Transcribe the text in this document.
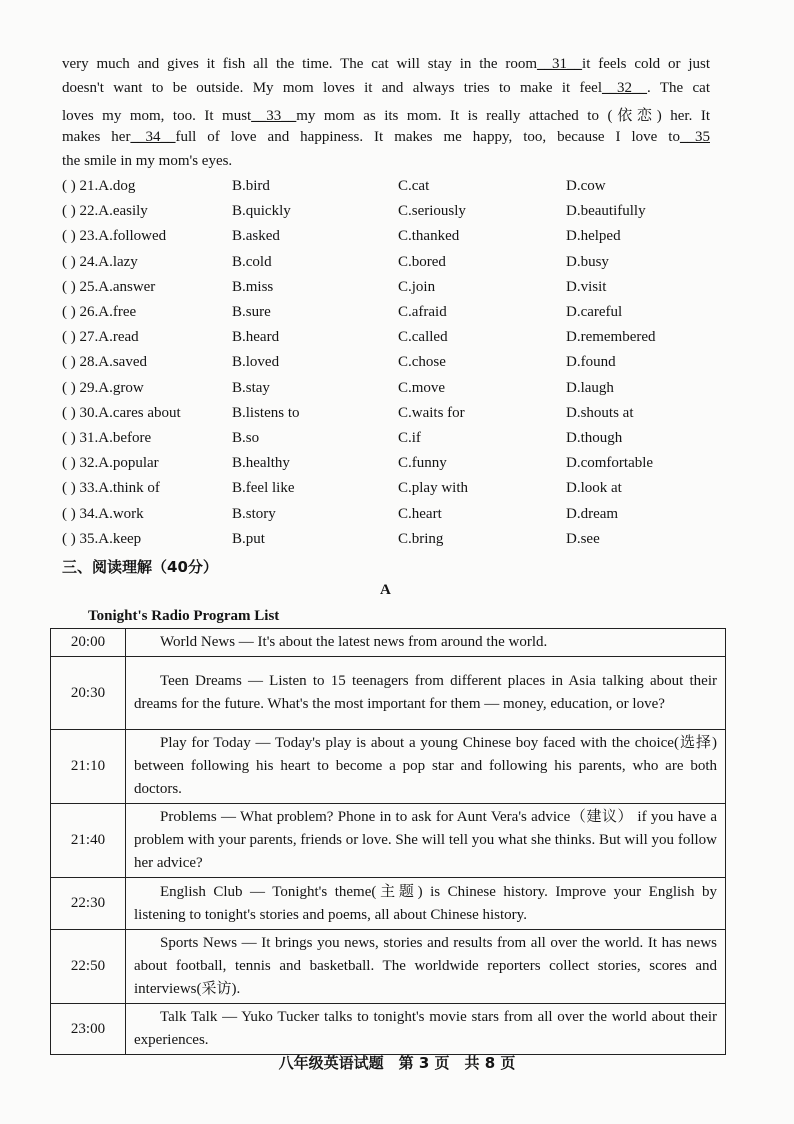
very much and gives it fish all the time. The cat will stay in the room__31__it feels cold or just
doesn't want to be outside. My mom loves it and always tries to make it feel__32__. The cat
loves my mom, too. It must__33__my mom as its mom. It is really attached to (依恋) her. It
makes her__34__full of love and happiness. It makes me happy, too, because I love to__35
the smile in my mom's eyes.
( ) 21.A.dog	B.bird	C.cat	D.cow
( ) 22.A.easily	B.quickly	C.seriously	D.beautifully
( ) 23.A.followed	B.asked	C.thanked	D.helped
( ) 24.A.lazy	B.cold	C.bored	D.busy
( ) 25.A.answer	B.miss	C.join	D.visit
( ) 26.A.free	B.sure	C.afraid	D.careful
( ) 27.A.read	B.heard	C.called	D.remembered
( ) 28.A.saved	B.loved	C.chose	D.found
( ) 29.A.grow	B.stay	C.move	D.laugh
( ) 30.A.cares about	B.listens to	C.waits for	D.shouts at
( ) 31.A.before	B.so	C.if	D.though
( ) 32.A.popular	B.healthy	C.funny	D.comfortable
( ) 33.A.think of	B.feel like	C.play with	D.look at
( ) 34.A.work	B.story	C.heart	D.dream
( ) 35.A.keep	B.put	C.bring	D.see
三、阅读理解（40分）
A
Tonight's Radio Program List
20:00	World News — It's about the latest news from around the world.
20:30	Teen Dreams — Listen to 15 teenagers from different places in Asia talking about their dreams for the future. What's the most important for them — money, education, or love?
21:10	Play for Today — Today's play is about a young Chinese boy faced with the choice(选择) between following his heart to become a pop star and following his parents, who are both doctors.
21:40	Problems — What problem? Phone in to ask for Aunt Vera's advice（建议） if you have a problem with your parents, friends or love. She will tell you what she thinks. But will you follow her advice?
22:30	English Club — Tonight's theme(主题) is Chinese history. Improve your English by listening to tonight's stories and poems, all about Chinese history.
22:50	Sports News — It brings you news, stories and results from all over the world. It has news about football, tennis and basketball. The worldwide reporters collect stories, scores and interviews(采访).
23:00	Talk Talk — Yuko Tucker talks to tonight's movie stars from all over the world about their experiences.
八年级英语试题　第 3 页　共 8 页
